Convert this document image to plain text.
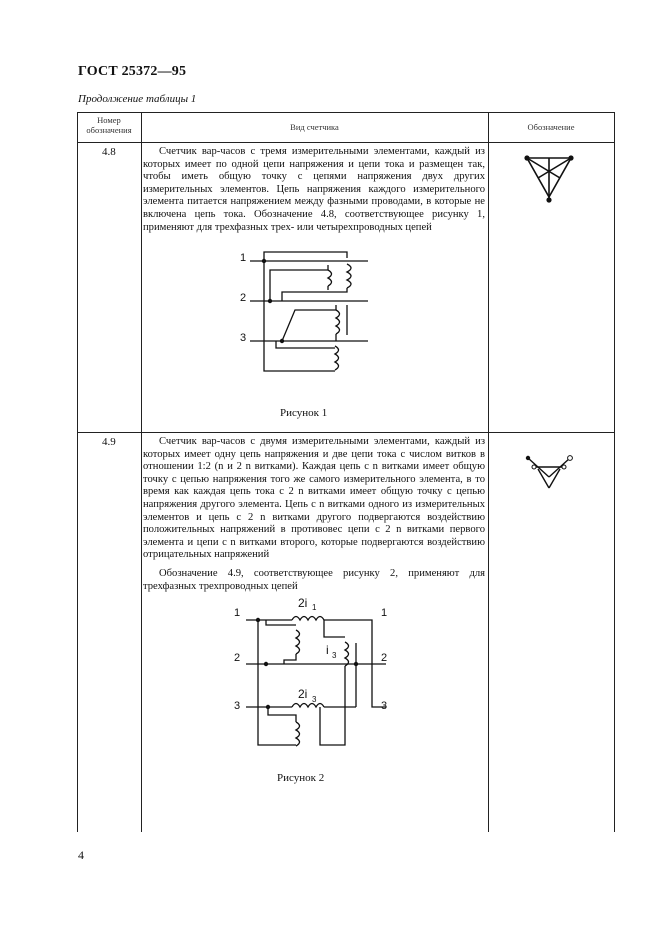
ГОСТ 25372—95
Продолжение таблицы 1
Номер обозначения	Вид счетчика	Обозначение
4.8	Счетчик вар-часов с тремя измерительными элементами, каждый из которых имеет по одной цепи напряжения и цепи тока и размещен так, чтобы иметь общую точку с цепями напряжения двух других измерительных элементов. Цепь напряжения каждого измерительного элемента питается напряжением между фазными проводами, в которые не включена цепь тока. Обозначение 4.8, соответствующее рисунку 1, применяют для трехфазных трех- или четырехпроводных цепей

Рисунок 1
4.9	Счетчик вар-часов с двумя измерительными элементами, каждый из которых имеет одну цепь напряжения и две цепи тока с числом витков в отношении 1:2 (n и 2 n витками). Каждая цепь с n витками имеет общую точку с цепью напряжения того же самого измерительного элемента, в то время как каждая цепь тока с 2 n витками имеет общую точку с цепью напряжения другого элемента. Цепь с n витками одного из измерительных элементов и цепь с 2 n витками другого подвергаются воздействию положительных напряжений в противовес цепи с 2 n витками первого элемента и цепи с n витками второго, которые подвергаются воздействию отрицательных напряжений

Обозначение 4.9, соответствующее рисунку 2, применяют для трехфазных трехпроводных цепей

Рисунок 2
1
2
3
1
2
3
1
2
3
2i 1
i 3
2i 3
4
